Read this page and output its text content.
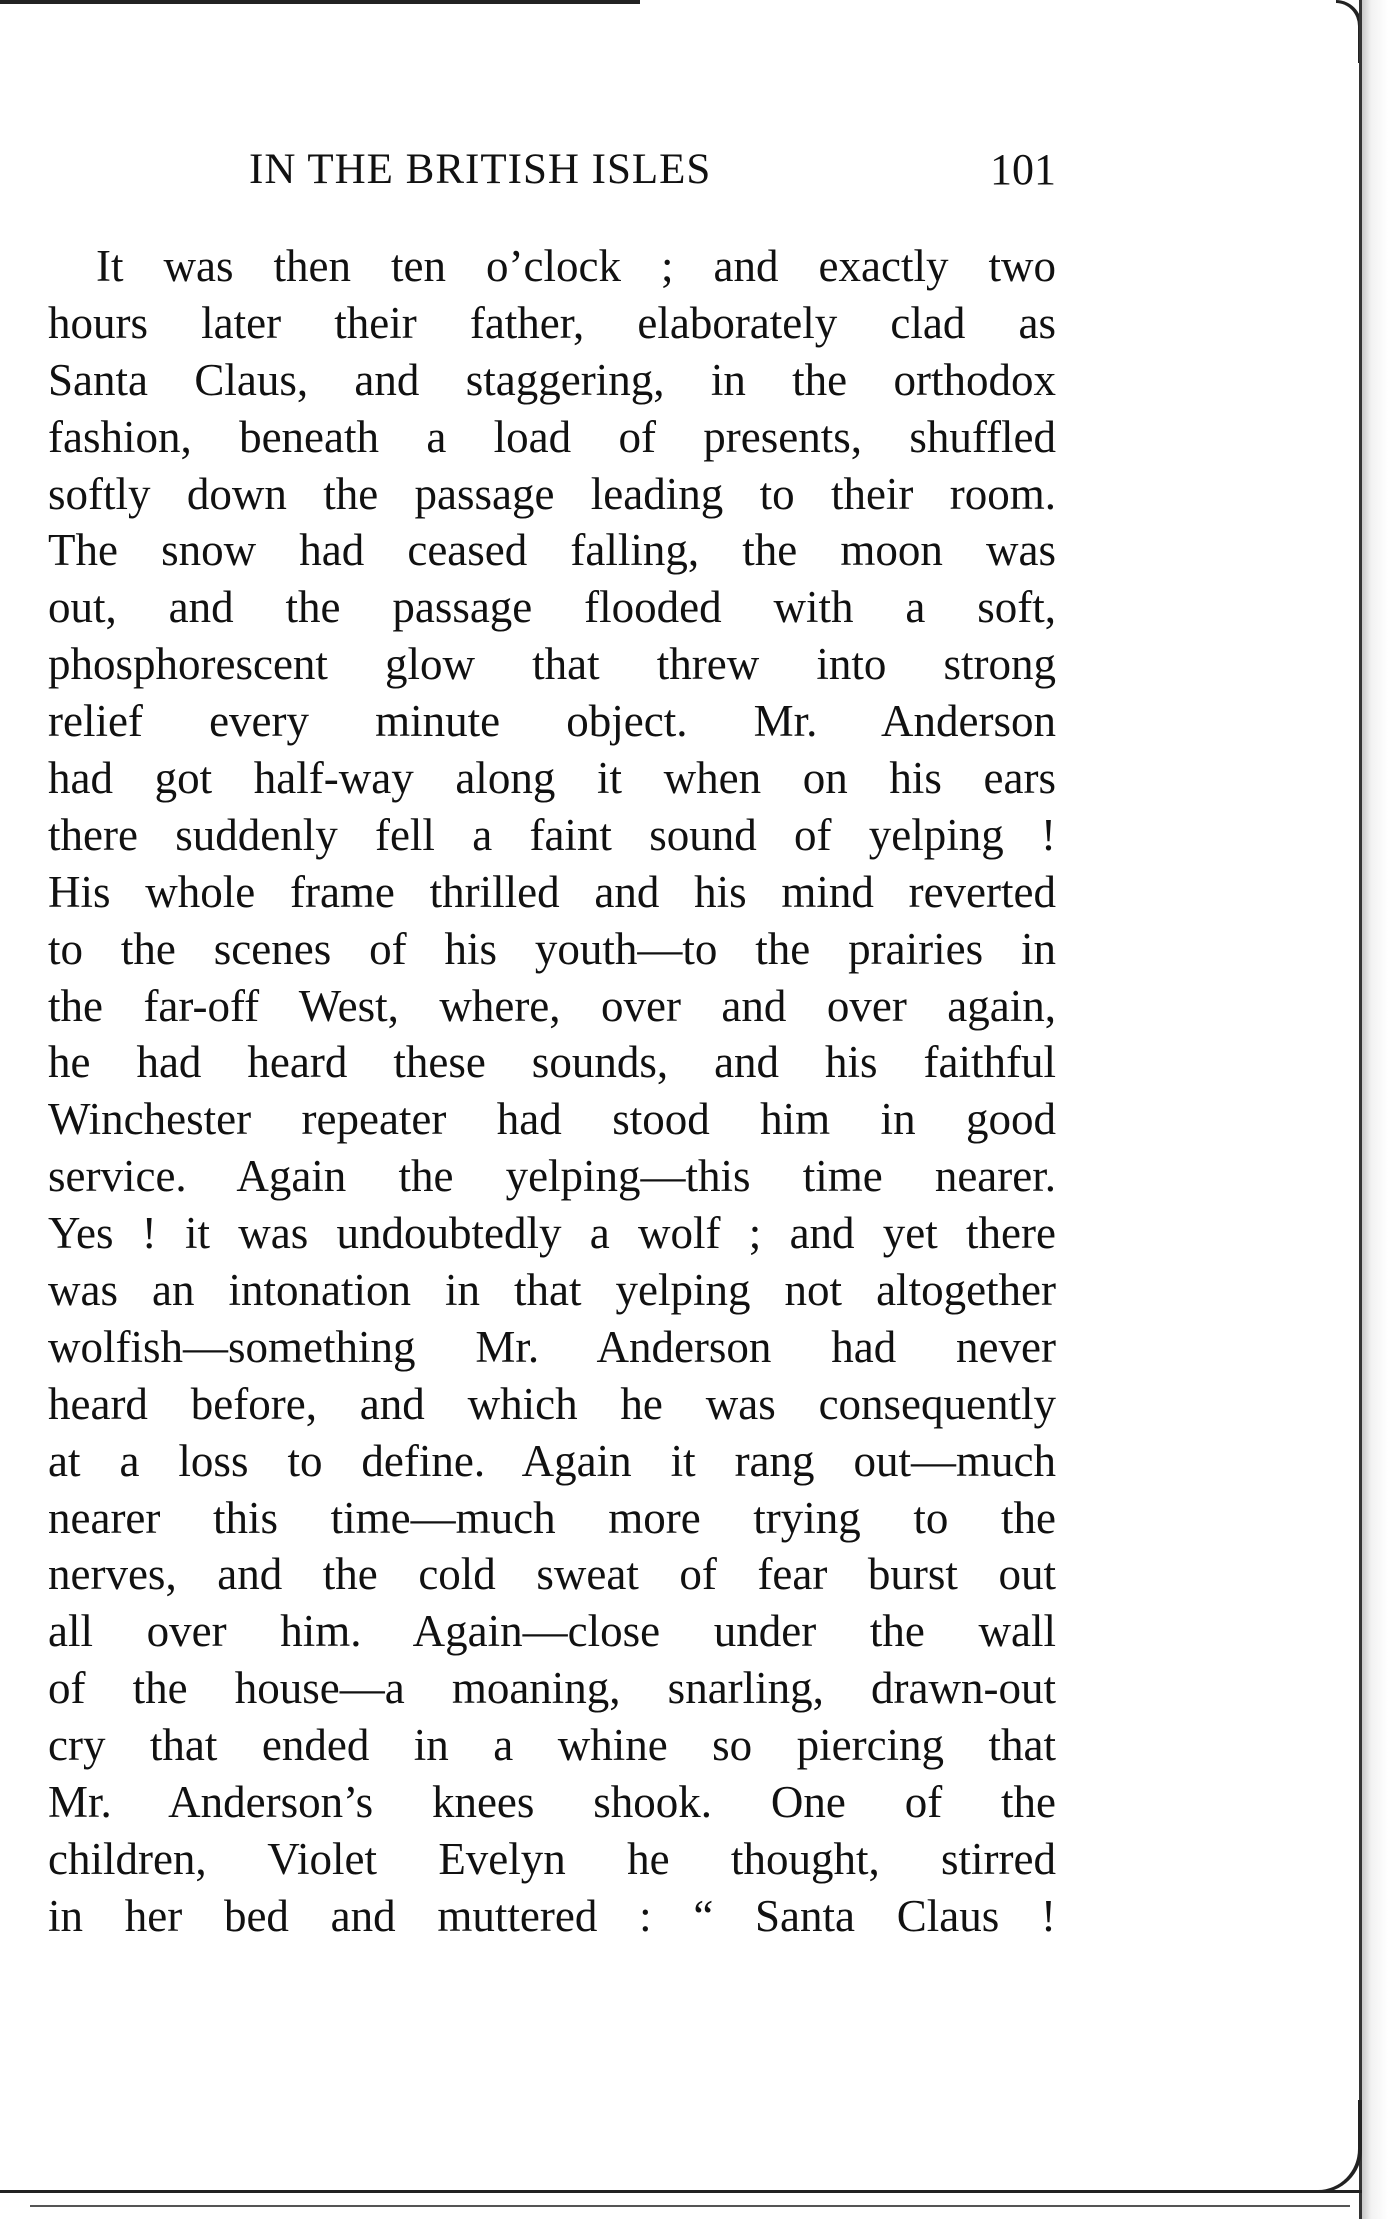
IN THE BRITISH ISLES	101
It was then ten o’clock ; and exactly two
hours later their father, elaborately clad as
Santa Claus, and staggering, in the orthodox
fashion, beneath a load of presents, shuffled
softly down the passage leading to their room.
The snow had ceased falling, the moon was
out, and the passage flooded with a soft,
phosphorescent glow that threw into strong
relief every minute object. Mr. Anderson
had got half-way along it when on his ears
there suddenly fell a faint sound of yelping !
His whole frame thrilled and his mind reverted
to the scenes of his youth—to the prairies in
the far-off West, where, over and over again,
he had heard these sounds, and his faithful
Winchester repeater had stood him in good
service. Again the yelping—this time nearer.
Yes ! it was undoubtedly a wolf ; and yet there
was an intonation in that yelping not altogether
wolfish—something Mr. Anderson had never
heard before, and which he was consequently
at a loss to define. Again it rang out—much
nearer this time—much more trying to the
nerves, and the cold sweat of fear burst out
all over him. Again—close under the wall
of the house—a moaning, snarling, drawn-out
cry that ended in a whine so piercing that
Mr. Anderson’s knees shook. One of the
children, Violet Evelyn he thought, stirred
in her bed and muttered : “ Santa Claus !
